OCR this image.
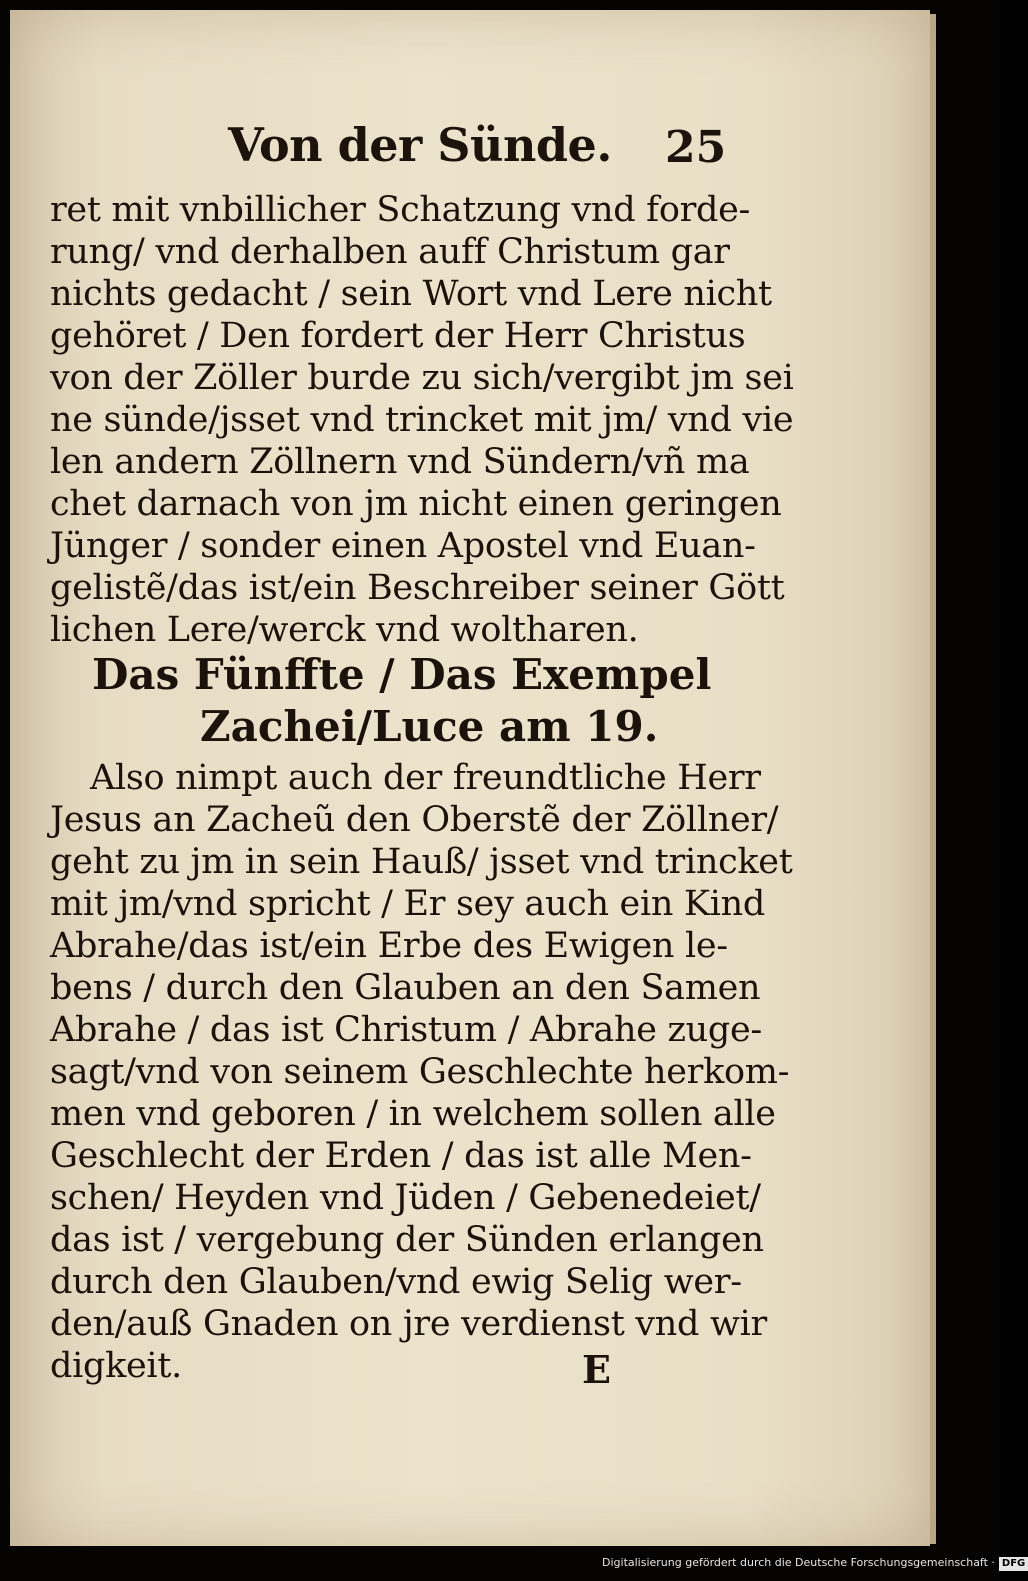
Von der Sünde. 25
ret mit vnbillicher Schatzung vnd forde-
rung/ vnd derhalben auff Christum gar
nichts gedacht / sein Wort vnd Lere nicht
gehöret / Den fordert der Herr Christus
von der Zöller burde zu sich/vergibt jm sei
ne sünde/jsset vnd trincket mit jm/ vnd vie
len andern Zöllnern vnd Sündern/vñ ma
chet darnach von jm nicht einen geringen
Jünger / sonder einen Apostel vnd Euan-
gelistẽ/das ist/ein Beschreiber seiner Gött
lichen Lere/werck vnd woltharen.
Das Fünffte / Das Exempel
Zachei/Luce am 19.
Also nimpt auch der freundtliche Herr
Jesus an Zacheũ den Oberstẽ der Zöllner/
geht zu jm in sein Hauß/ jsset vnd trincket
mit jm/vnd spricht / Er sey auch ein Kind
Abrahe/das ist/ein Erbe des Ewigen le-
bens / durch den Glauben an den Samen
Abrahe / das ist Christum / Abrahe zuge-
sagt/vnd von seinem Geschlechte herkom-
men vnd geboren / in welchem sollen alle
Geschlecht der Erden / das ist alle Men-
schen/ Heyden vnd Jüden / Gebenedeiet/
das ist / vergebung der Sünden erlangen
durch den Glauben/vnd ewig Selig wer-
den/auß Gnaden on jre verdienst vnd wir
digkeit.	E
Digitalisierung gefördert durch die Deutsche Forschungsgemeinschaft · DFG
